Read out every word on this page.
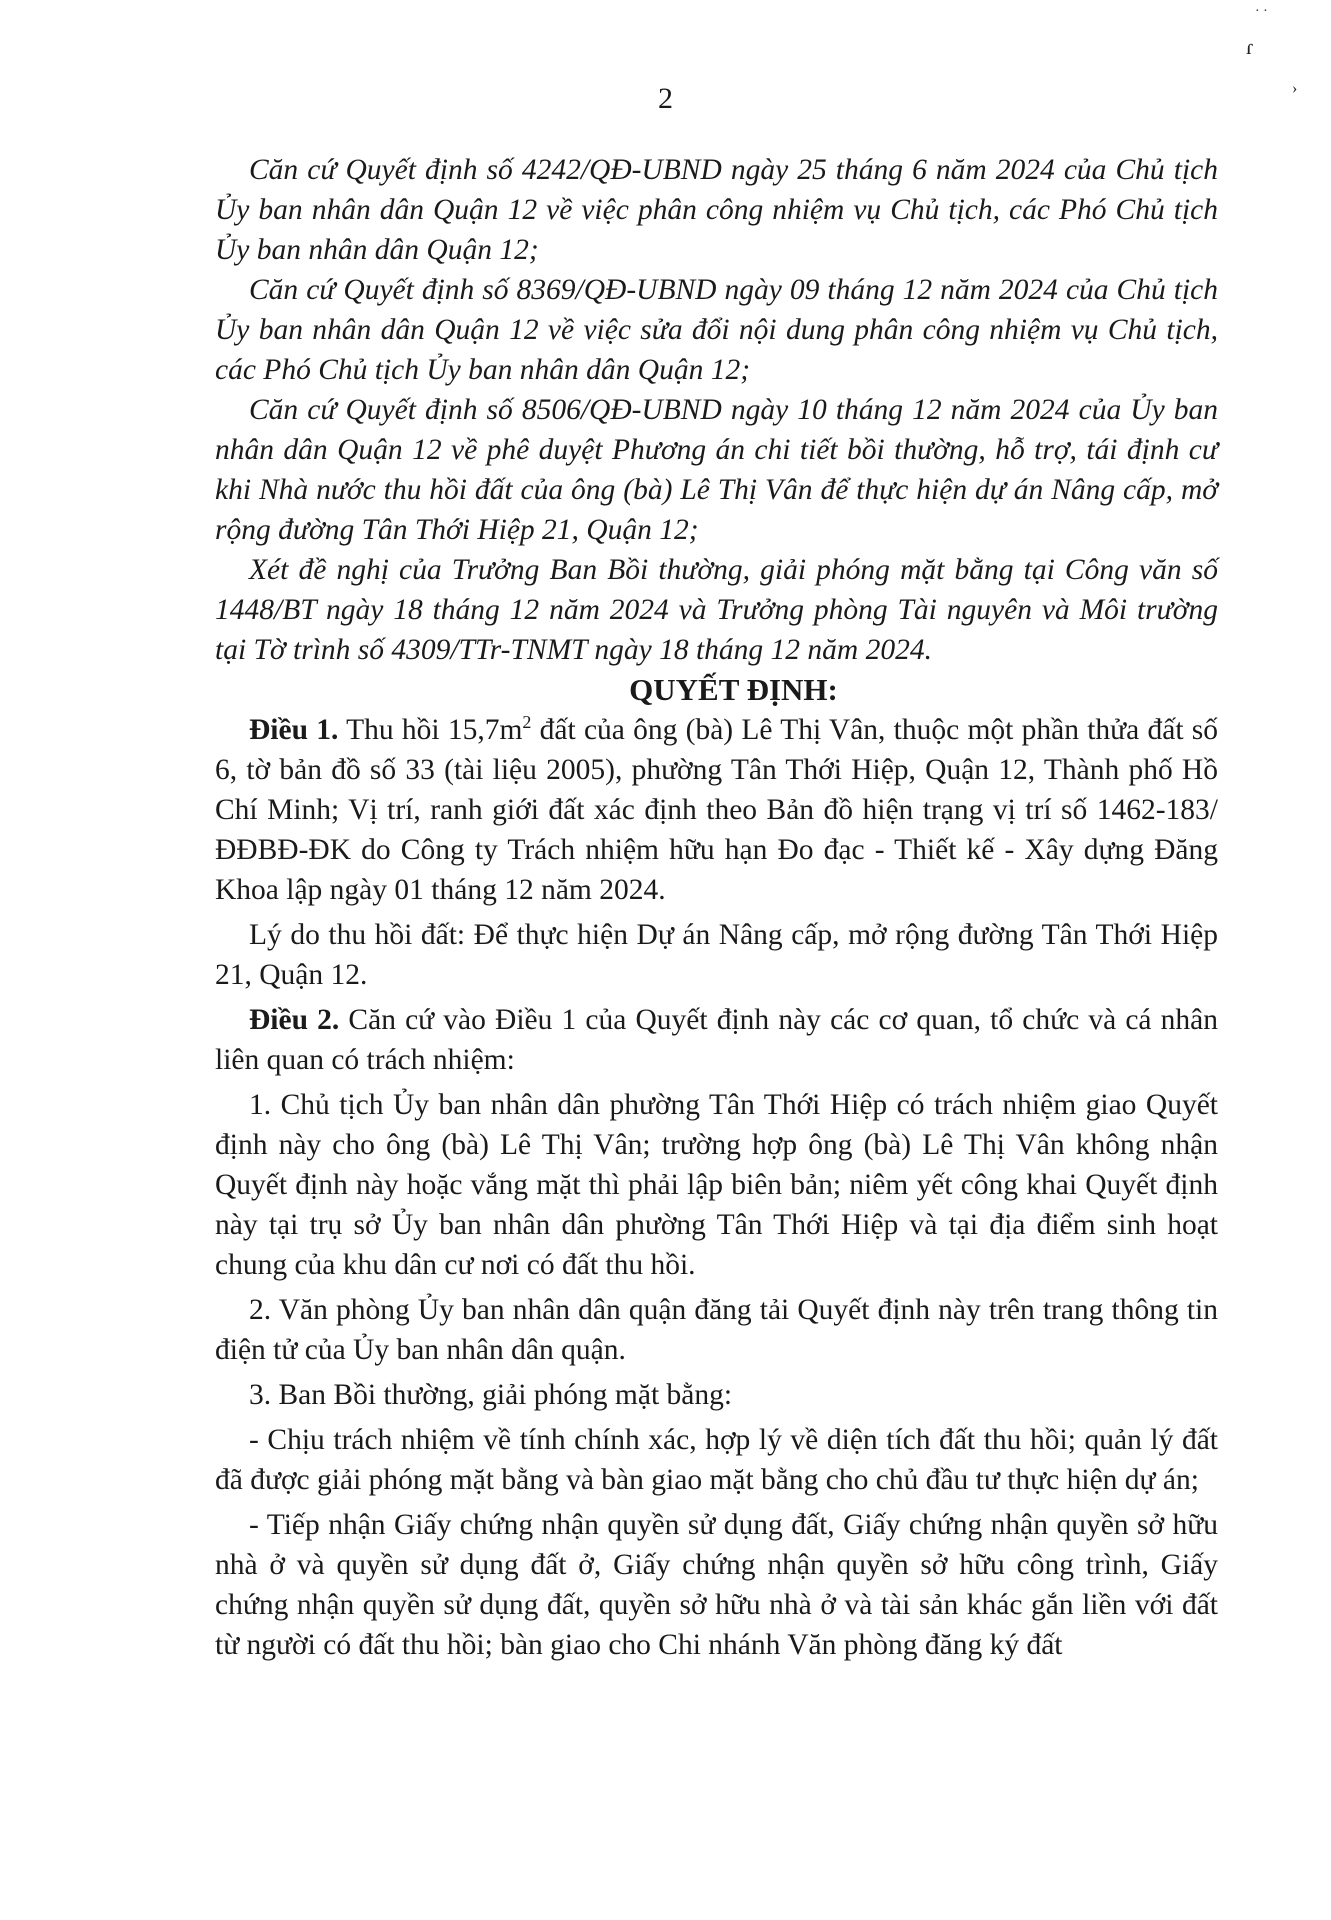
· ·
ɾ
›
2

Căn cứ Quyết định số 4242/QĐ-UBND ngày 25 tháng 6 năm 2024 của Chủ tịch Ủy ban nhân dân Quận 12 về việc phân công nhiệm vụ Chủ tịch, các Phó Chủ tịch Ủy ban nhân dân Quận 12;

Căn cứ Quyết định số 8369/QĐ-UBND ngày 09 tháng 12 năm 2024 của Chủ tịch Ủy ban nhân dân Quận 12 về việc sửa đổi nội dung phân công nhiệm vụ Chủ tịch, các Phó Chủ tịch Ủy ban nhân dân Quận 12;

Căn cứ Quyết định số 8506/QĐ-UBND ngày 10 tháng 12 năm 2024 của Ủy ban nhân dân Quận 12 về phê duyệt Phương án chi tiết bồi thường, hỗ trợ, tái định cư khi Nhà nước thu hồi đất của ông (bà) Lê Thị Vân để thực hiện dự án Nâng cấp, mở rộng đường Tân Thới Hiệp 21, Quận 12;

Xét đề nghị của Trưởng Ban Bồi thường, giải phóng mặt bằng tại Công văn số 1448/BT ngày 18 tháng 12 năm 2024 và Trưởng phòng Tài nguyên và Môi trường tại Tờ trình số 4309/TTr-TNMT ngày 18 tháng 12 năm 2024.

QUYẾT ĐỊNH:

Điều 1. Thu hồi $15,7m^2$ đất của ông (bà) Lê Thị Vân, thuộc một phần thửa đất số 6, tờ bản đồ số 33 (tài liệu 2005), phường Tân Thới Hiệp, Quận 12, Thành phố Hồ Chí Minh; Vị trí, ranh giới đất xác định theo Bản đồ hiện trạng vị trí số 1462-183/ĐĐBĐ-ĐK do Công ty Trách nhiệm hữu hạn Đo đạc - Thiết kế - Xây dựng Đăng Khoa lập ngày 01 tháng 12 năm 2024.

Lý do thu hồi đất: Để thực hiện Dự án Nâng cấp, mở rộng đường Tân Thới Hiệp 21, Quận 12.

Điều 2. Căn cứ vào Điều 1 của Quyết định này các cơ quan, tổ chức và cá nhân liên quan có trách nhiệm:

1. Chủ tịch Ủy ban nhân dân phường Tân Thới Hiệp có trách nhiệm giao Quyết định này cho ông (bà) Lê Thị Vân; trường hợp ông (bà) Lê Thị Vân không nhận Quyết định này hoặc vắng mặt thì phải lập biên bản; niêm yết công khai Quyết định này tại trụ sở Ủy ban nhân dân phường Tân Thới Hiệp và tại địa điểm sinh hoạt chung của khu dân cư nơi có đất thu hồi.

2. Văn phòng Ủy ban nhân dân quận đăng tải Quyết định này trên trang thông tin điện tử của Ủy ban nhân dân quận.

3. Ban Bồi thường, giải phóng mặt bằng:

- Chịu trách nhiệm về tính chính xác, hợp lý về diện tích đất thu hồi; quản lý đất đã được giải phóng mặt bằng và bàn giao mặt bằng cho chủ đầu tư thực hiện dự án;

- Tiếp nhận Giấy chứng nhận quyền sử dụng đất, Giấy chứng nhận quyền sở hữu nhà ở và quyền sử dụng đất ở, Giấy chứng nhận quyền sở hữu công trình, Giấy chứng nhận quyền sử dụng đất, quyền sở hữu nhà ở và tài sản khác gắn liền với đất từ người có đất thu hồi; bàn giao cho Chi nhánh Văn phòng đăng ký đất
